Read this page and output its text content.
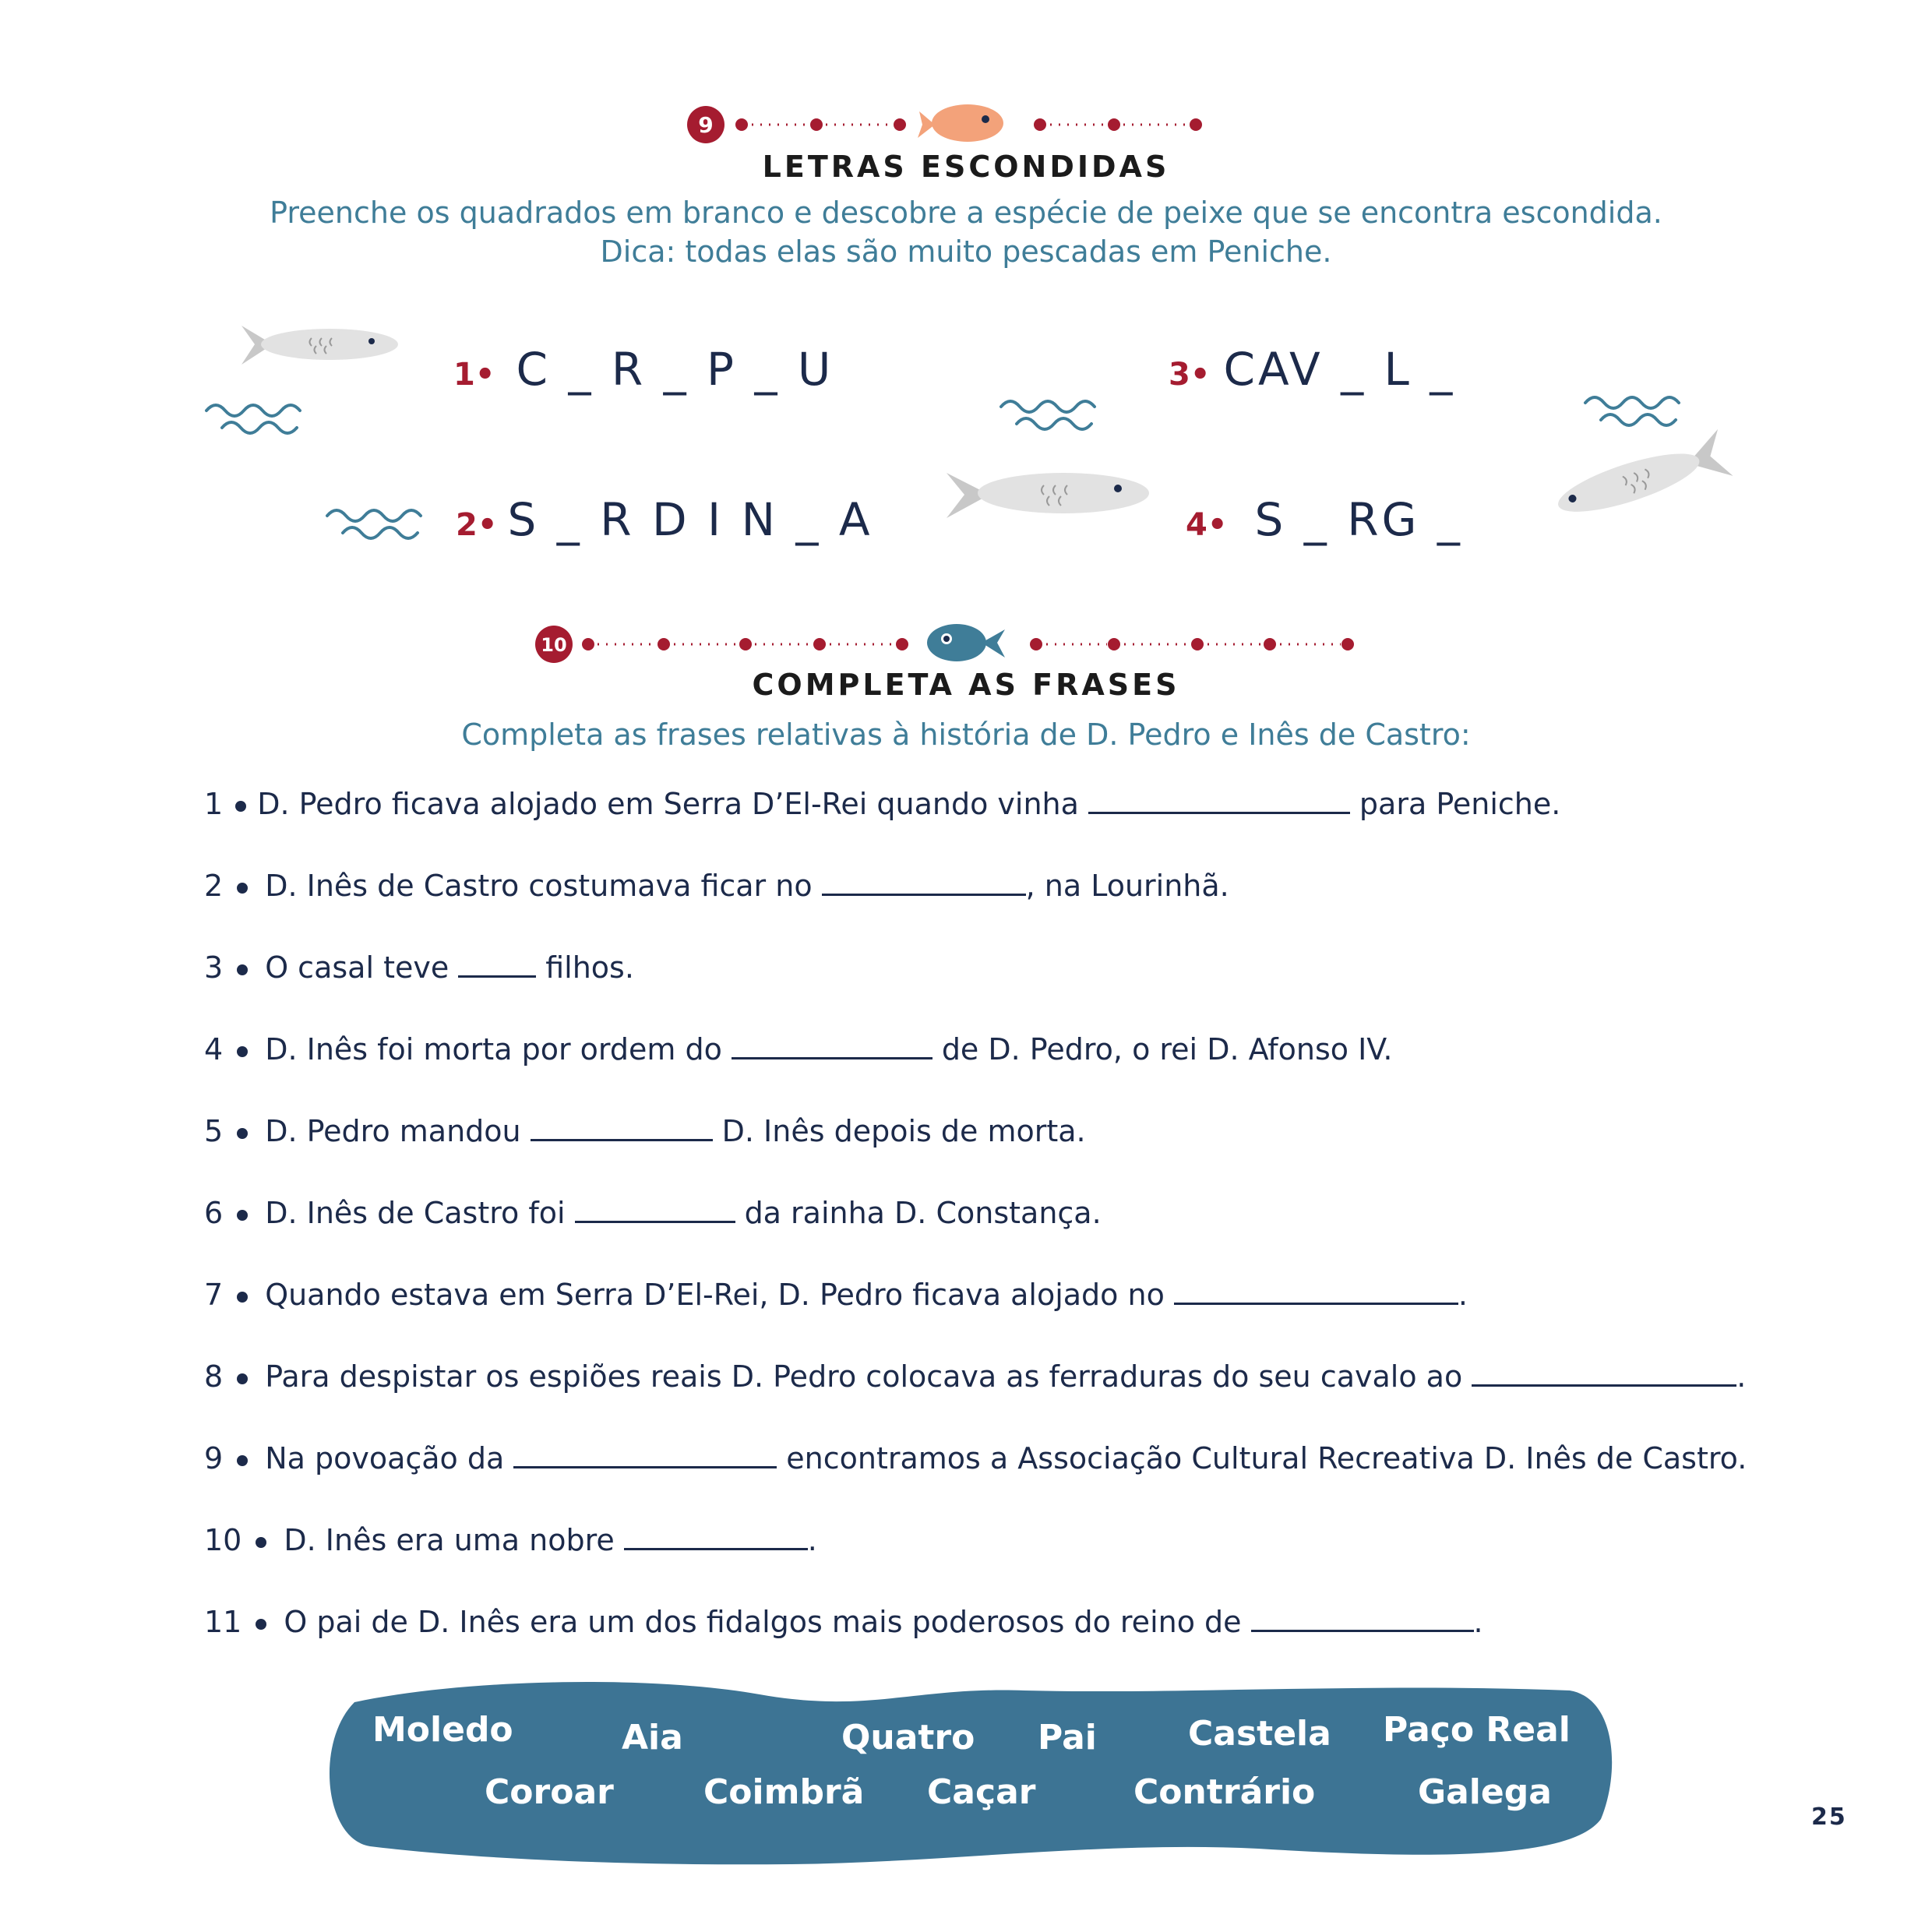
9
LETRAS ESCONDIDAS
Preenche os quadrados em branco e descobre a espécie de peixe que se encontra escondida.
Dica: todas elas são muito pescadas em Peniche.
1• C _ R _ P _ U
2• S _ R D I N _ A
3• CAV _ L _
4• S _ RG _
10
COMPLETA AS FRASES
Completa as frases relativas à história de D. Pedro e Inês de Castro:
1 D. Pedro ficava alojado em Serra D’El-Rei quando vinha	para Peniche.
2 D. Inês de Castro costumava ficar no	, na Lourinhã.
3 O casal teve	filhos.
4 D. Inês foi morta por ordem do	de D. Pedro, o rei D. Afonso IV.
5 D. Pedro mandou	D. Inês depois de morta.
6 D. Inês de Castro foi	da rainha D. Constança.
7 Quando estava em Serra D’El-Rei, D. Pedro ficava alojado no	.
8 Para despistar os espiões reais D. Pedro colocava as ferraduras do seu cavalo ao	.
9 Na povoação da	encontramos a Associação Cultural Recreativa D. Inês de Castro.
10 D. Inês era uma nobre	.
11 O pai de D. Inês era um dos fidalgos mais poderosos do reino de	.
Moledo	Aia	Quatro Pai	Castela Paço Real
Coroar	Coimbrã Caçar	Contrário	Galega
25
